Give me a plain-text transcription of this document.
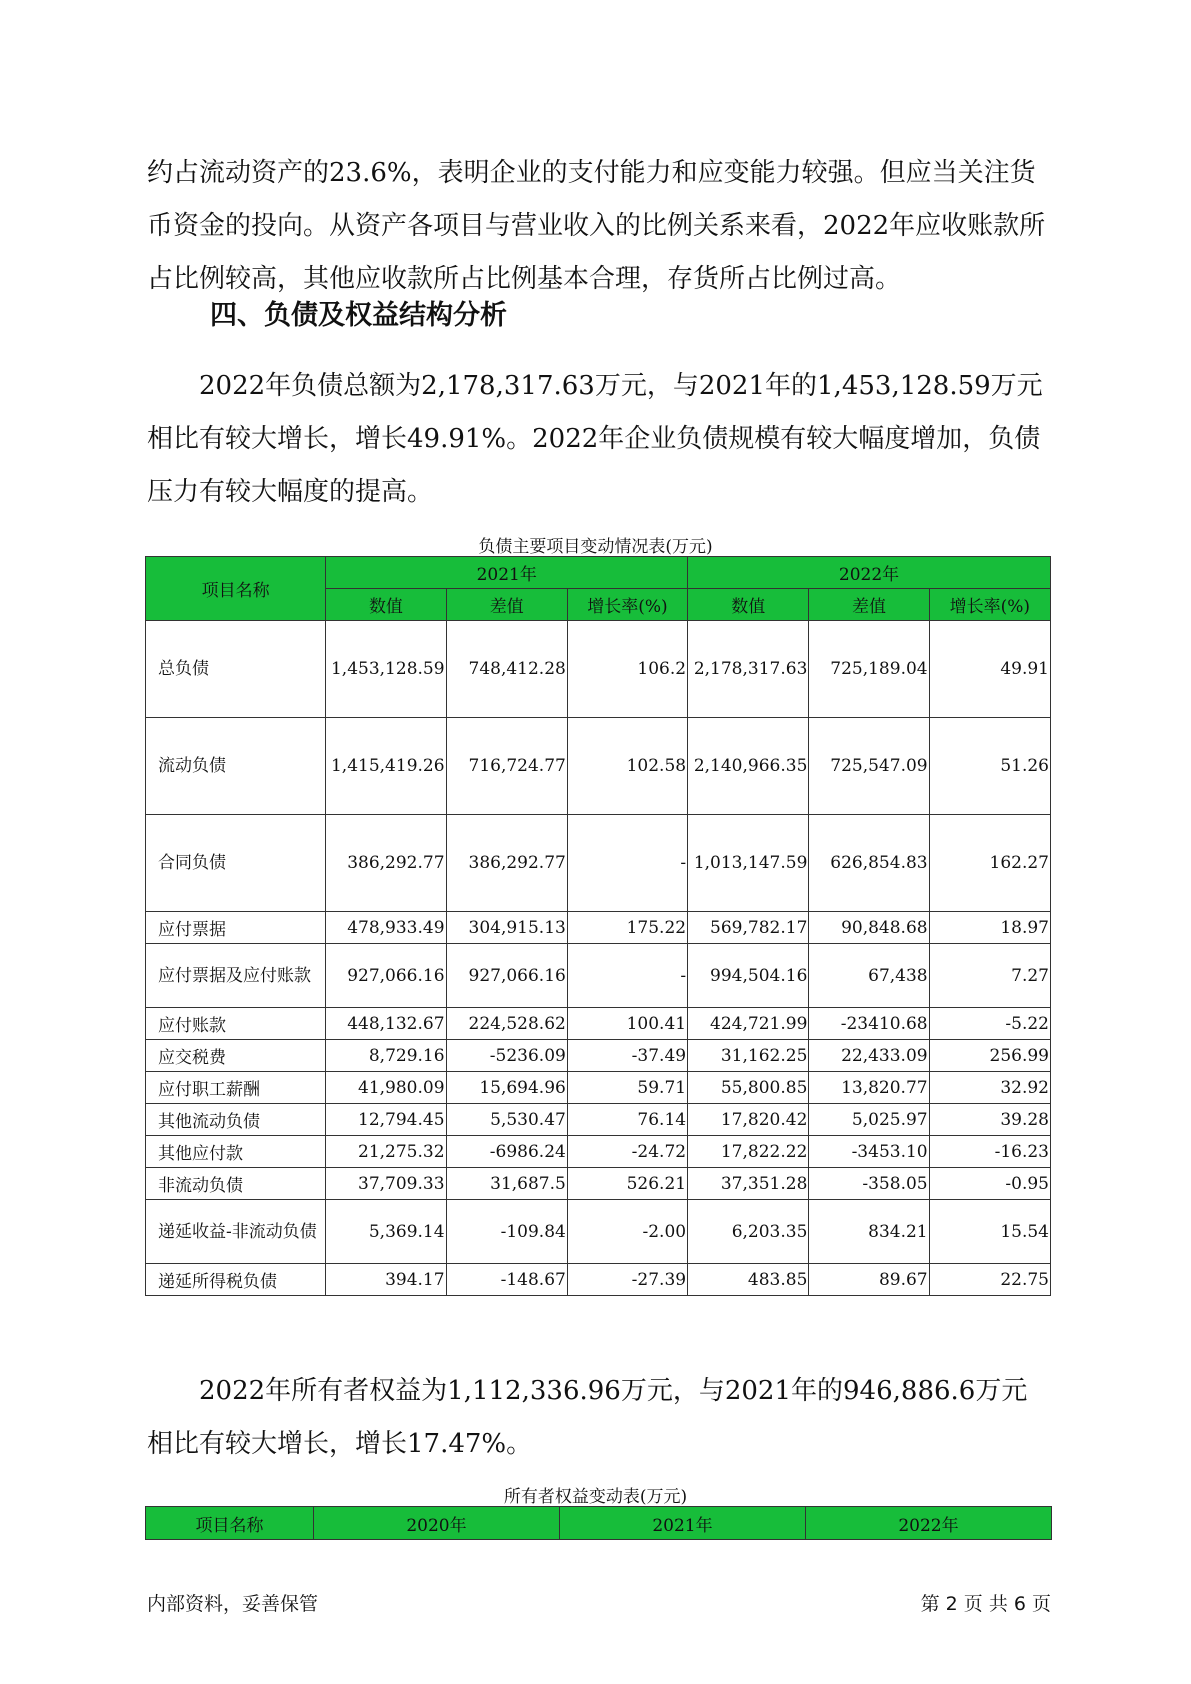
约占流动资产的23.6%，表明企业的支付能力和应变能力较强。但应当关注货币资金的投向。从资产各项目与营业收入的比例关系来看，2022年应收账款所占比例较高，其他应收款所占比例基本合理，存货所占比例过高。

四、负债及权益结构分析

2022年负债总额为2,178,317.63万元，与2021年的1,453,128.59万元相比有较大增长，增长49.91%。2022年企业负债规模有较大幅度增加，负债压力有较大幅度的提高。

负债主要项目变动情况表(万元)
项目名称	2021年			2022年		
	数值	差值	增长率(%)	数值	差值	增长率(%)
总负债	1,453,128.59	748,412.28	106.2	2,178,317.63	725,189.04	49.91
流动负债	1,415,419.26	716,724.77	102.58	2,140,966.35	725,547.09	51.26
合同负债	386,292.77	386,292.77	-	1,013,147.59	626,854.83	162.27
应付票据	478,933.49	304,915.13	175.22	569,782.17	90,848.68	18.97
应付票据及应付账款	927,066.16	927,066.16	-	994,504.16	67,438	7.27
应付账款	448,132.67	224,528.62	100.41	424,721.99	-23410.68	-5.22
应交税费	8,729.16	-5236.09	-37.49	31,162.25	22,433.09	256.99
应付职工薪酬	41,980.09	15,694.96	59.71	55,800.85	13,820.77	32.92
其他流动负债	12,794.45	5,530.47	76.14	17,820.42	5,025.97	39.28
其他应付款	21,275.32	-6986.24	-24.72	17,822.22	-3453.10	-16.23
非流动负债	37,709.33	31,687.5	526.21	37,351.28	-358.05	-0.95
递延收益-非流动负债	5,369.14	-109.84	-2.00	6,203.35	834.21	15.54
递延所得税负债	394.17	-148.67	-27.39	483.85	89.67	22.75

2022年所有者权益为1,112,336.96万元，与2021年的946,886.6万元相比有较大增长，增长17.47%。

所有者权益变动表(万元)
项目名称	2020年	2021年	2022年
内部资料，妥善保管	第 2 页 共 6 页
